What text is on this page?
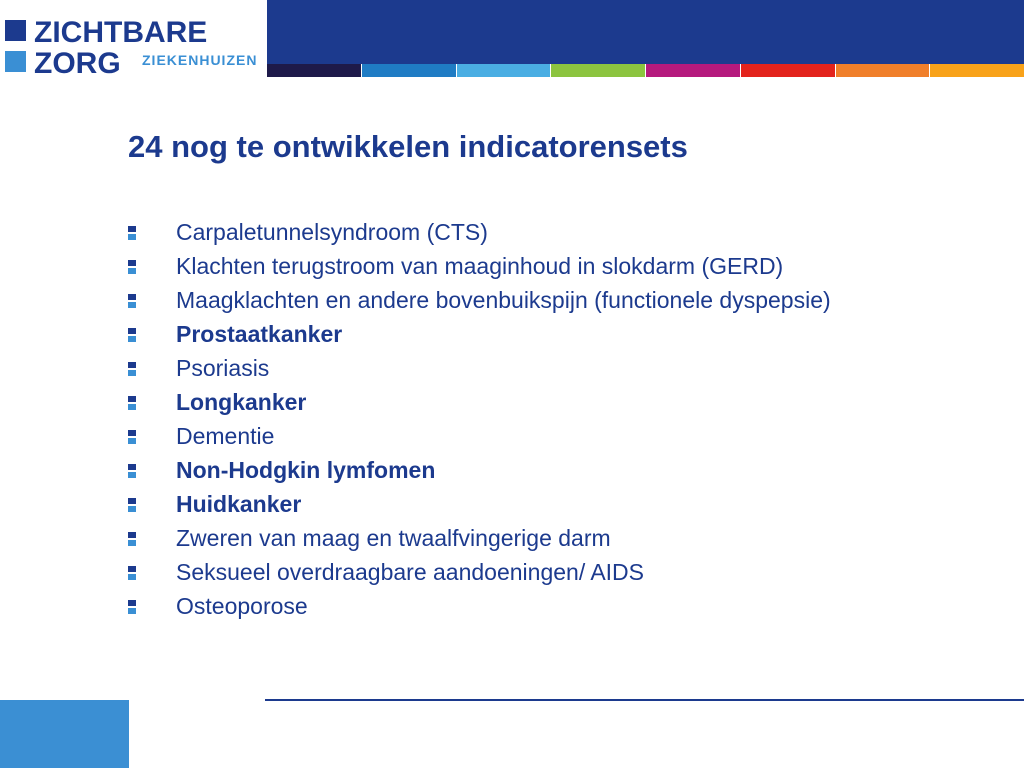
ZICHTBARE
ZORG ZIEKENHUIZEN
24 nog te ontwikkelen indicatorensets
Carpaletunnelsyndroom (CTS)
Klachten terugstroom van maaginhoud in slokdarm (GERD)
Maagklachten en andere bovenbuikspijn (functionele dyspepsie)
Prostaatkanker
Psoriasis
Longkanker
Dementie
Non-Hodgkin lymfomen
Huidkanker
Zweren van maag en twaalfvingerige darm
Seksueel overdraagbare aandoeningen/ AIDS
Osteoporose
